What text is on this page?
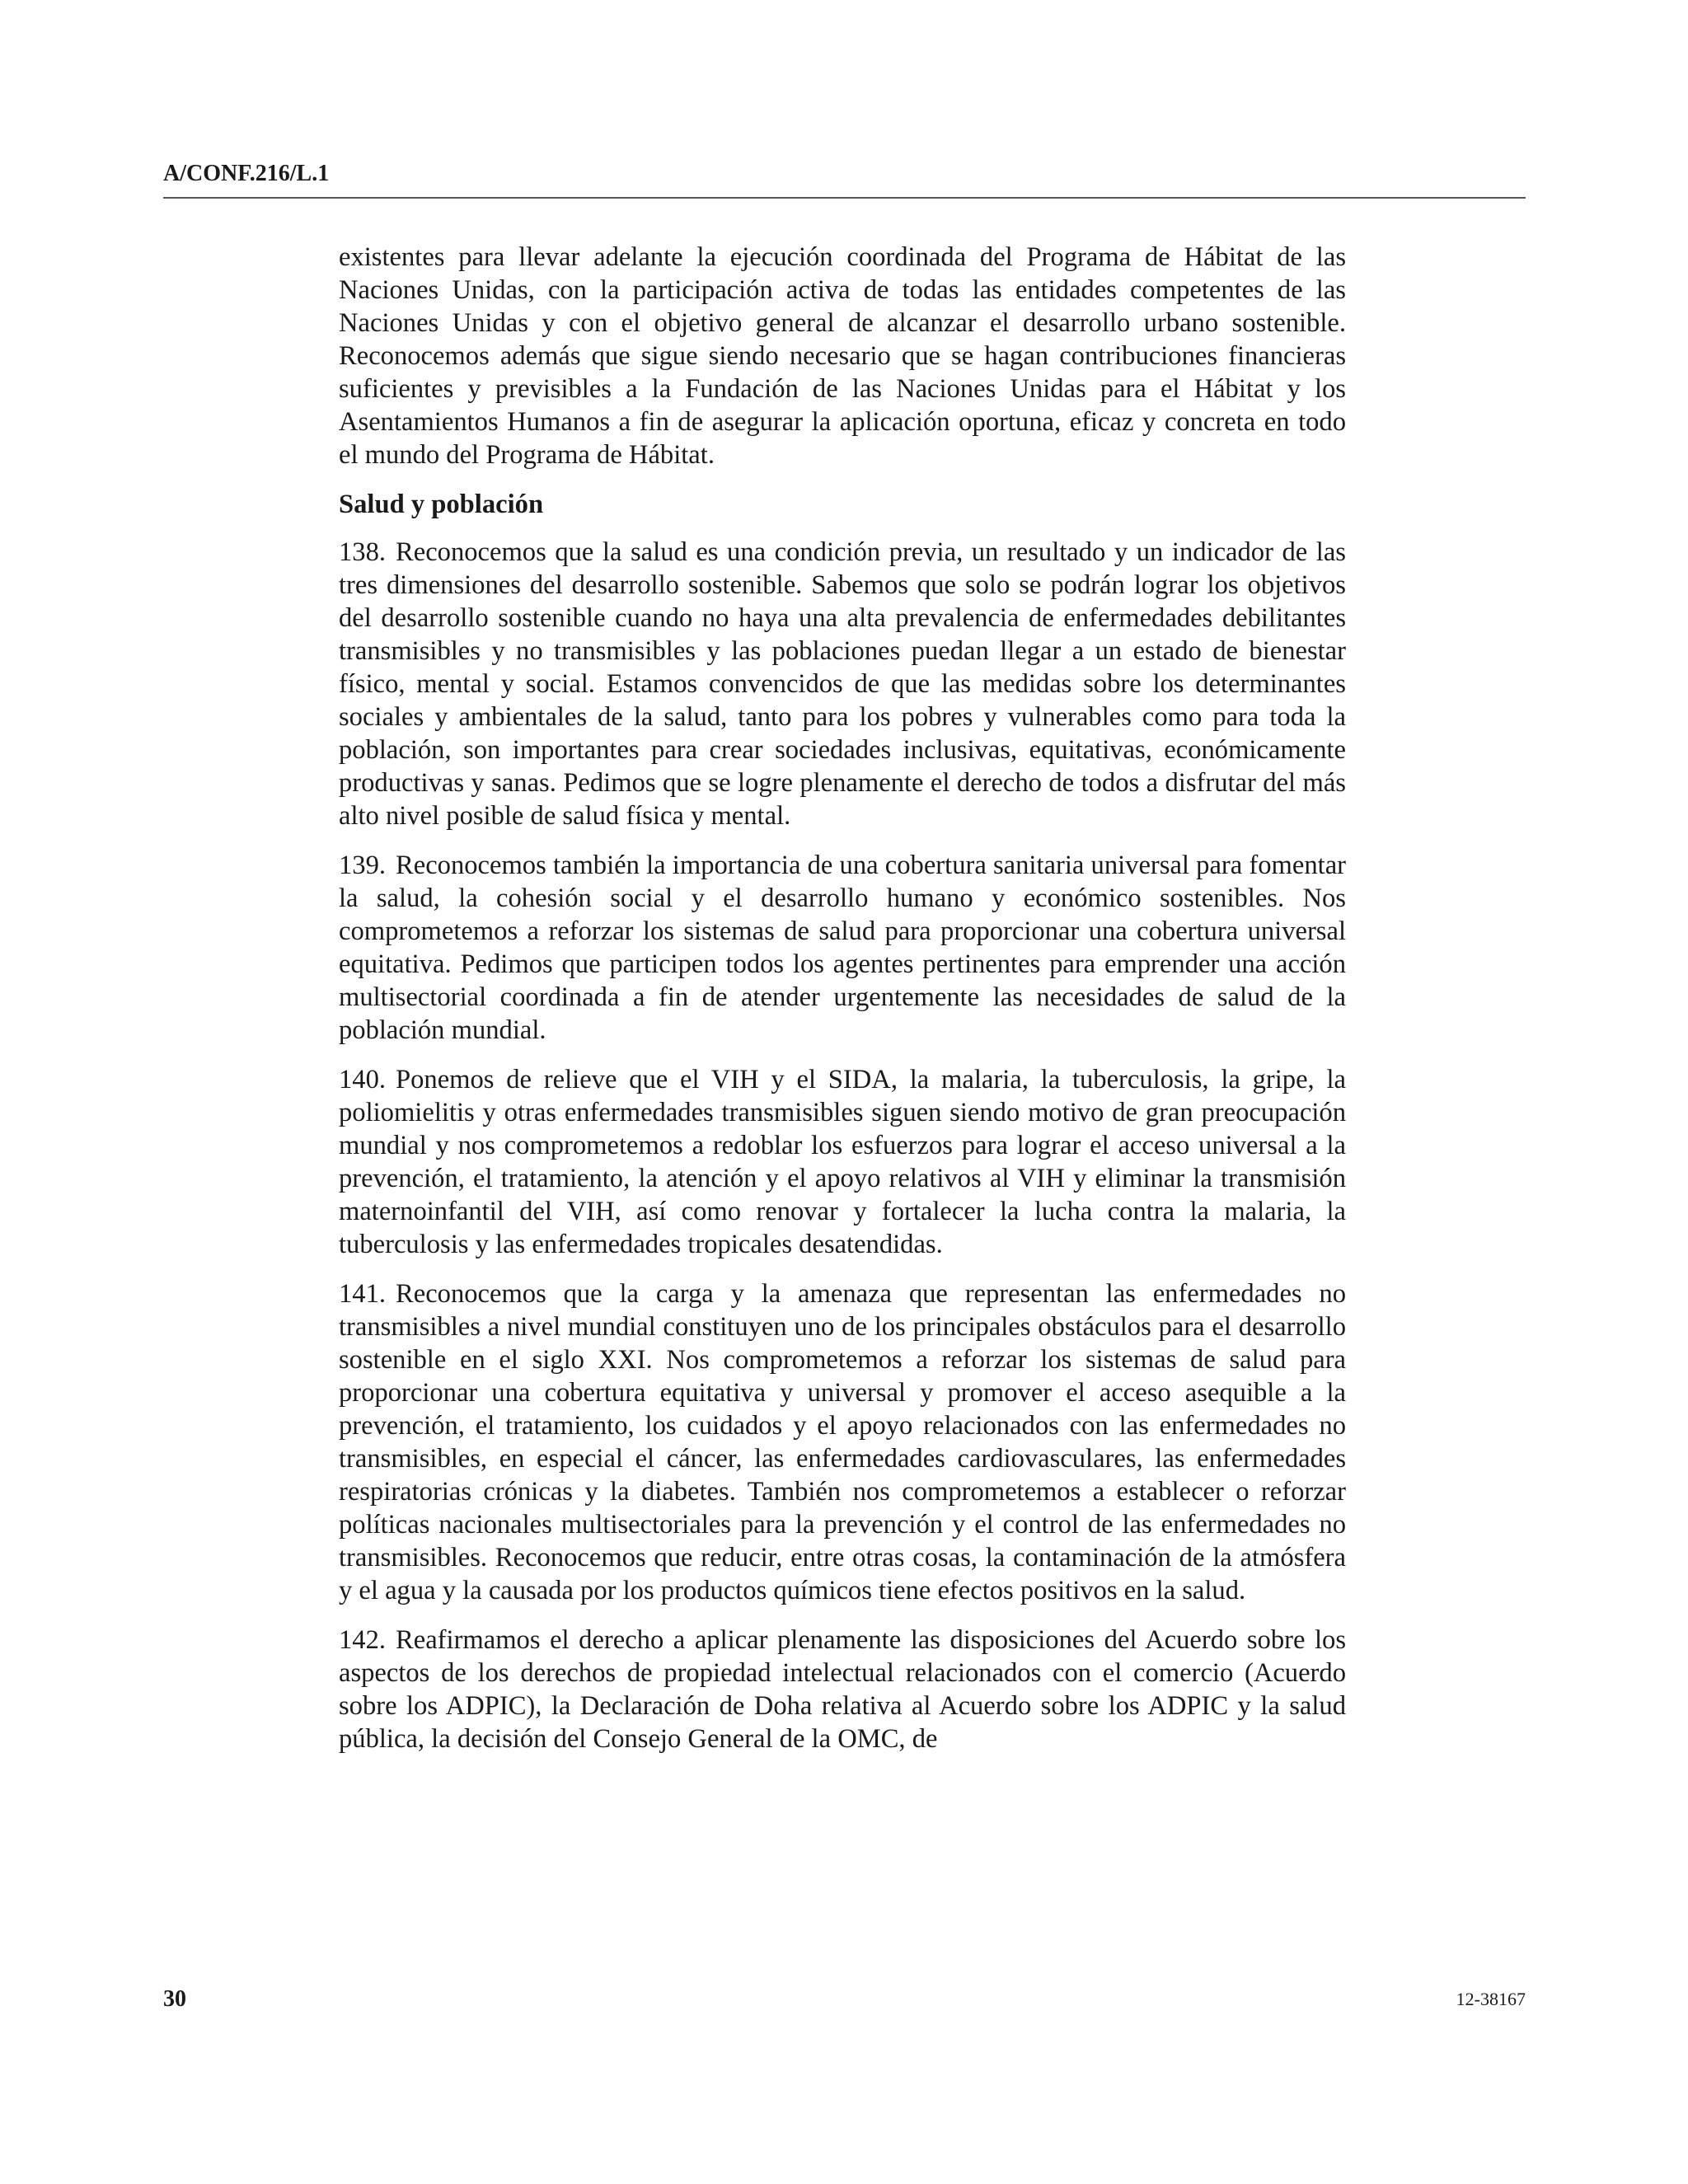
A/CONF.216/L.1

existentes para llevar adelante la ejecución coordinada del Programa de Hábitat de las Naciones Unidas, con la participación activa de todas las entidades competentes de las Naciones Unidas y con el objetivo general de alcanzar el desarrollo urbano sostenible. Reconocemos además que sigue siendo necesario que se hagan contribuciones financieras suficientes y previsibles a la Fundación de las Naciones Unidas para el Hábitat y los Asentamientos Humanos a fin de asegurar la aplicación oportuna, eficaz y concreta en todo el mundo del Programa de Hábitat.

Salud y población

138. Reconocemos que la salud es una condición previa, un resultado y un indicador de las tres dimensiones del desarrollo sostenible. Sabemos que solo se podrán lograr los objetivos del desarrollo sostenible cuando no haya una alta prevalencia de enfermedades debilitantes transmisibles y no transmisibles y las poblaciones puedan llegar a un estado de bienestar físico, mental y social. Estamos convencidos de que las medidas sobre los determinantes sociales y ambientales de la salud, tanto para los pobres y vulnerables como para toda la población, son importantes para crear sociedades inclusivas, equitativas, económicamente productivas y sanas. Pedimos que se logre plenamente el derecho de todos a disfrutar del más alto nivel posible de salud física y mental.

139. Reconocemos también la importancia de una cobertura sanitaria universal para fomentar la salud, la cohesión social y el desarrollo humano y económico sostenibles. Nos comprometemos a reforzar los sistemas de salud para proporcionar una cobertura universal equitativa. Pedimos que participen todos los agentes pertinentes para emprender una acción multisectorial coordinada a fin de atender urgentemente las necesidades de salud de la población mundial.

140. Ponemos de relieve que el VIH y el SIDA, la malaria, la tuberculosis, la gripe, la poliomielitis y otras enfermedades transmisibles siguen siendo motivo de gran preocupación mundial y nos comprometemos a redoblar los esfuerzos para lograr el acceso universal a la prevención, el tratamiento, la atención y el apoyo relativos al VIH y eliminar la transmisión maternoinfantil del VIH, así como renovar y fortalecer la lucha contra la malaria, la tuberculosis y las enfermedades tropicales desatendidas.

141. Reconocemos que la carga y la amenaza que representan las enfermedades no transmisibles a nivel mundial constituyen uno de los principales obstáculos para el desarrollo sostenible en el siglo XXI. Nos comprometemos a reforzar los sistemas de salud para proporcionar una cobertura equitativa y universal y promover el acceso asequible a la prevención, el tratamiento, los cuidados y el apoyo relacionados con las enfermedades no transmisibles, en especial el cáncer, las enfermedades cardiovasculares, las enfermedades respiratorias crónicas y la diabetes. También nos comprometemos a establecer o reforzar políticas nacionales multisectoriales para la prevención y el control de las enfermedades no transmisibles. Reconocemos que reducir, entre otras cosas, la contaminación de la atmósfera y el agua y la causada por los productos químicos tiene efectos positivos en la salud.

142. Reafirmamos el derecho a aplicar plenamente las disposiciones del Acuerdo sobre los aspectos de los derechos de propiedad intelectual relacionados con el comercio (Acuerdo sobre los ADPIC), la Declaración de Doha relativa al Acuerdo sobre los ADPIC y la salud pública, la decisión del Consejo General de la OMC, de

30	12-38167
